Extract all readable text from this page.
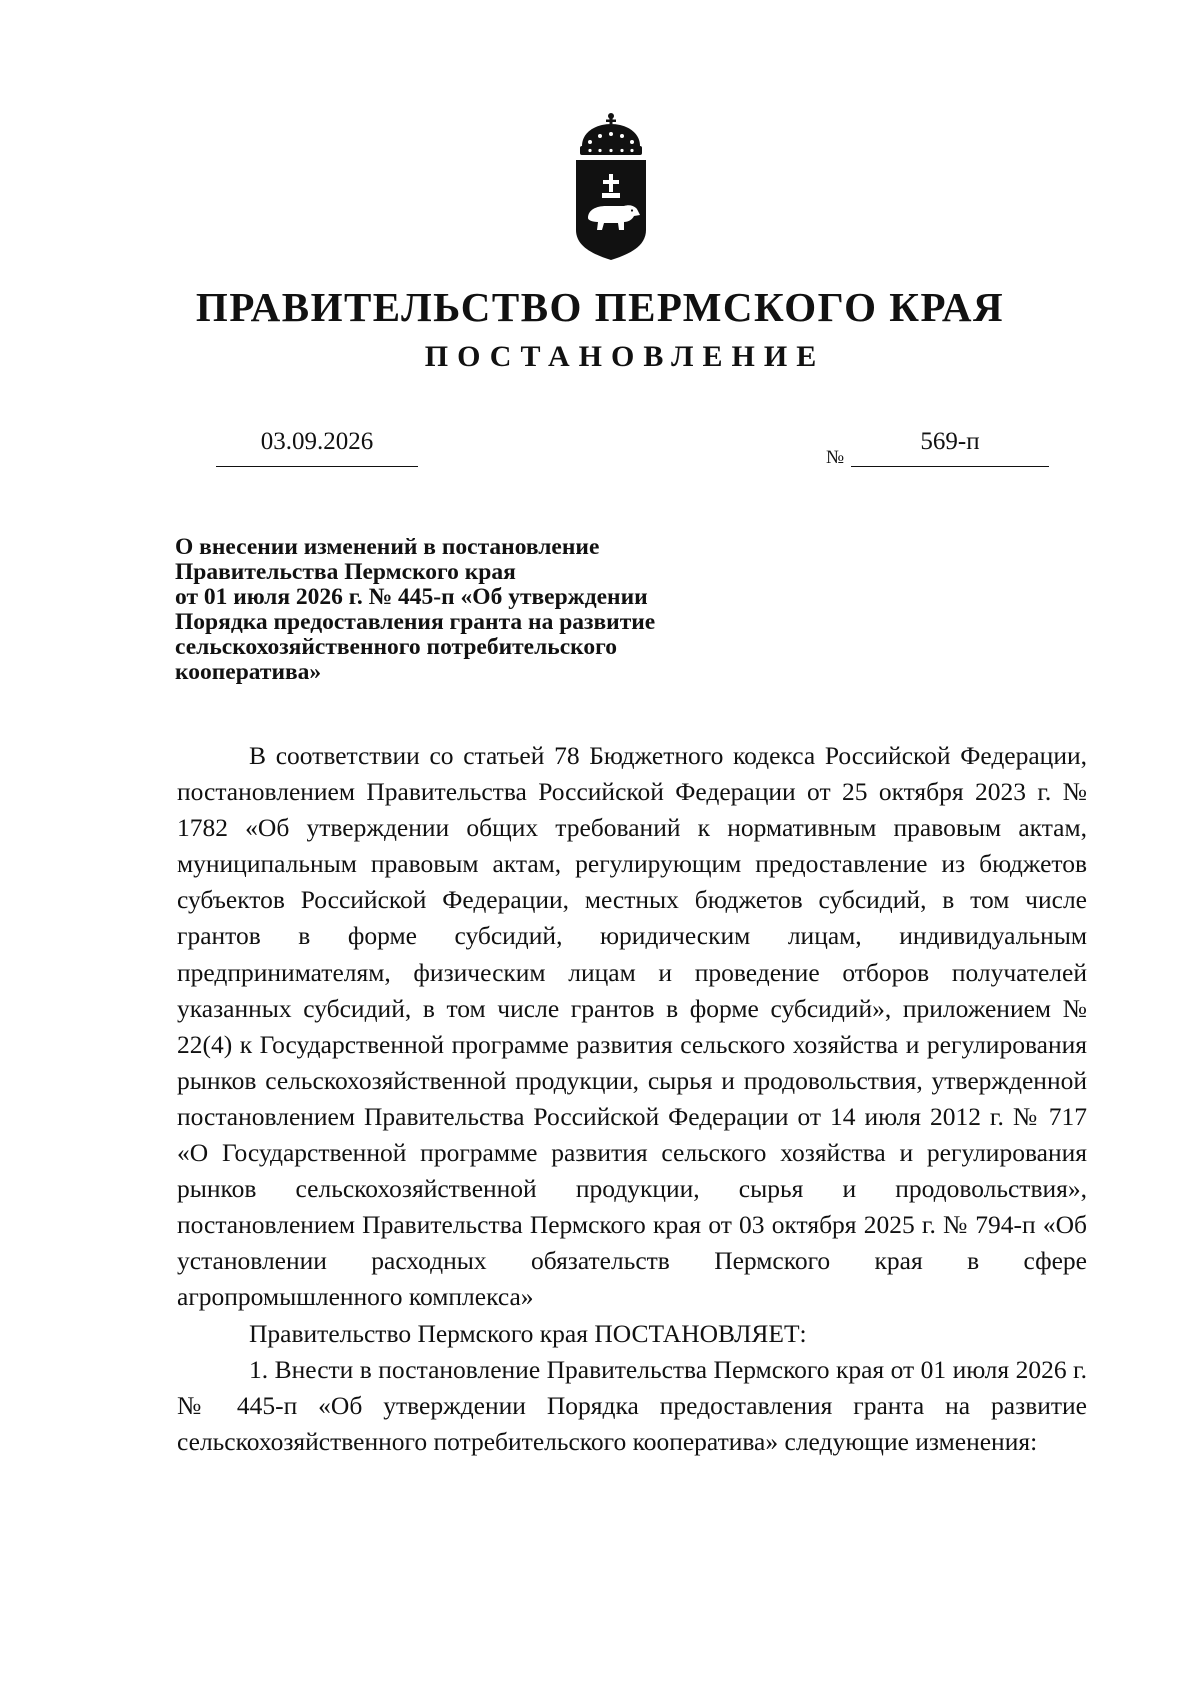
ПРАВИТЕЛЬСТВО ПЕРМСКОГО КРАЯ
ПОСТАНОВЛЕНИЕ
03.09.2026
№
569-п
О внесении изменений в постановление
Правительства Пермского края
от 01 июля 2026 г. № 445-п «Об утверждении
Порядка предоставления гранта на развитие
сельскохозяйственного потребительского
кооператива»

В соответствии со статьей 78 Бюджетного кодекса Российской Федерации, постановлением Правительства Российской Федерации от 25 октября 2023 г. № 1782 «Об утверждении общих требований к нормативным правовым актам, муниципальным правовым актам, регулирующим предоставление из бюджетов субъектов Российской Федерации, местных бюджетов субсидий, в том числе грантов в форме субсидий, юридическим лицам, индивидуальным предпринимателям, физическим лицам и проведение отборов получателей указанных субсидий, в том числе грантов в форме субсидий», приложением № 22(4) к Государственной программе развития сельского хозяйства и регулирования рынков сельскохозяйственной продукции, сырья и продовольствия, утвержденной постановлением Правительства Российской Федерации от 14 июля 2012 г. № 717 «О Государственной программе развития сельского хозяйства и регулирования рынков сельскохозяйственной продукции, сырья и продовольствия», постановлением Правительства Пермского края от 03 октября 2025 г. № 794-п «Об установлении расходных обязательств Пермского края в сфере агропромышленного комплекса»

Правительство Пермского края ПОСТАНОВЛЯЕТ:

1. Внести в постановление Правительства Пермского края от 01 июля 2026 г. № 445-п «Об утверждении Порядка предоставления гранта на развитие сельскохозяйственного потребительского кооператива» следующие изменения:
